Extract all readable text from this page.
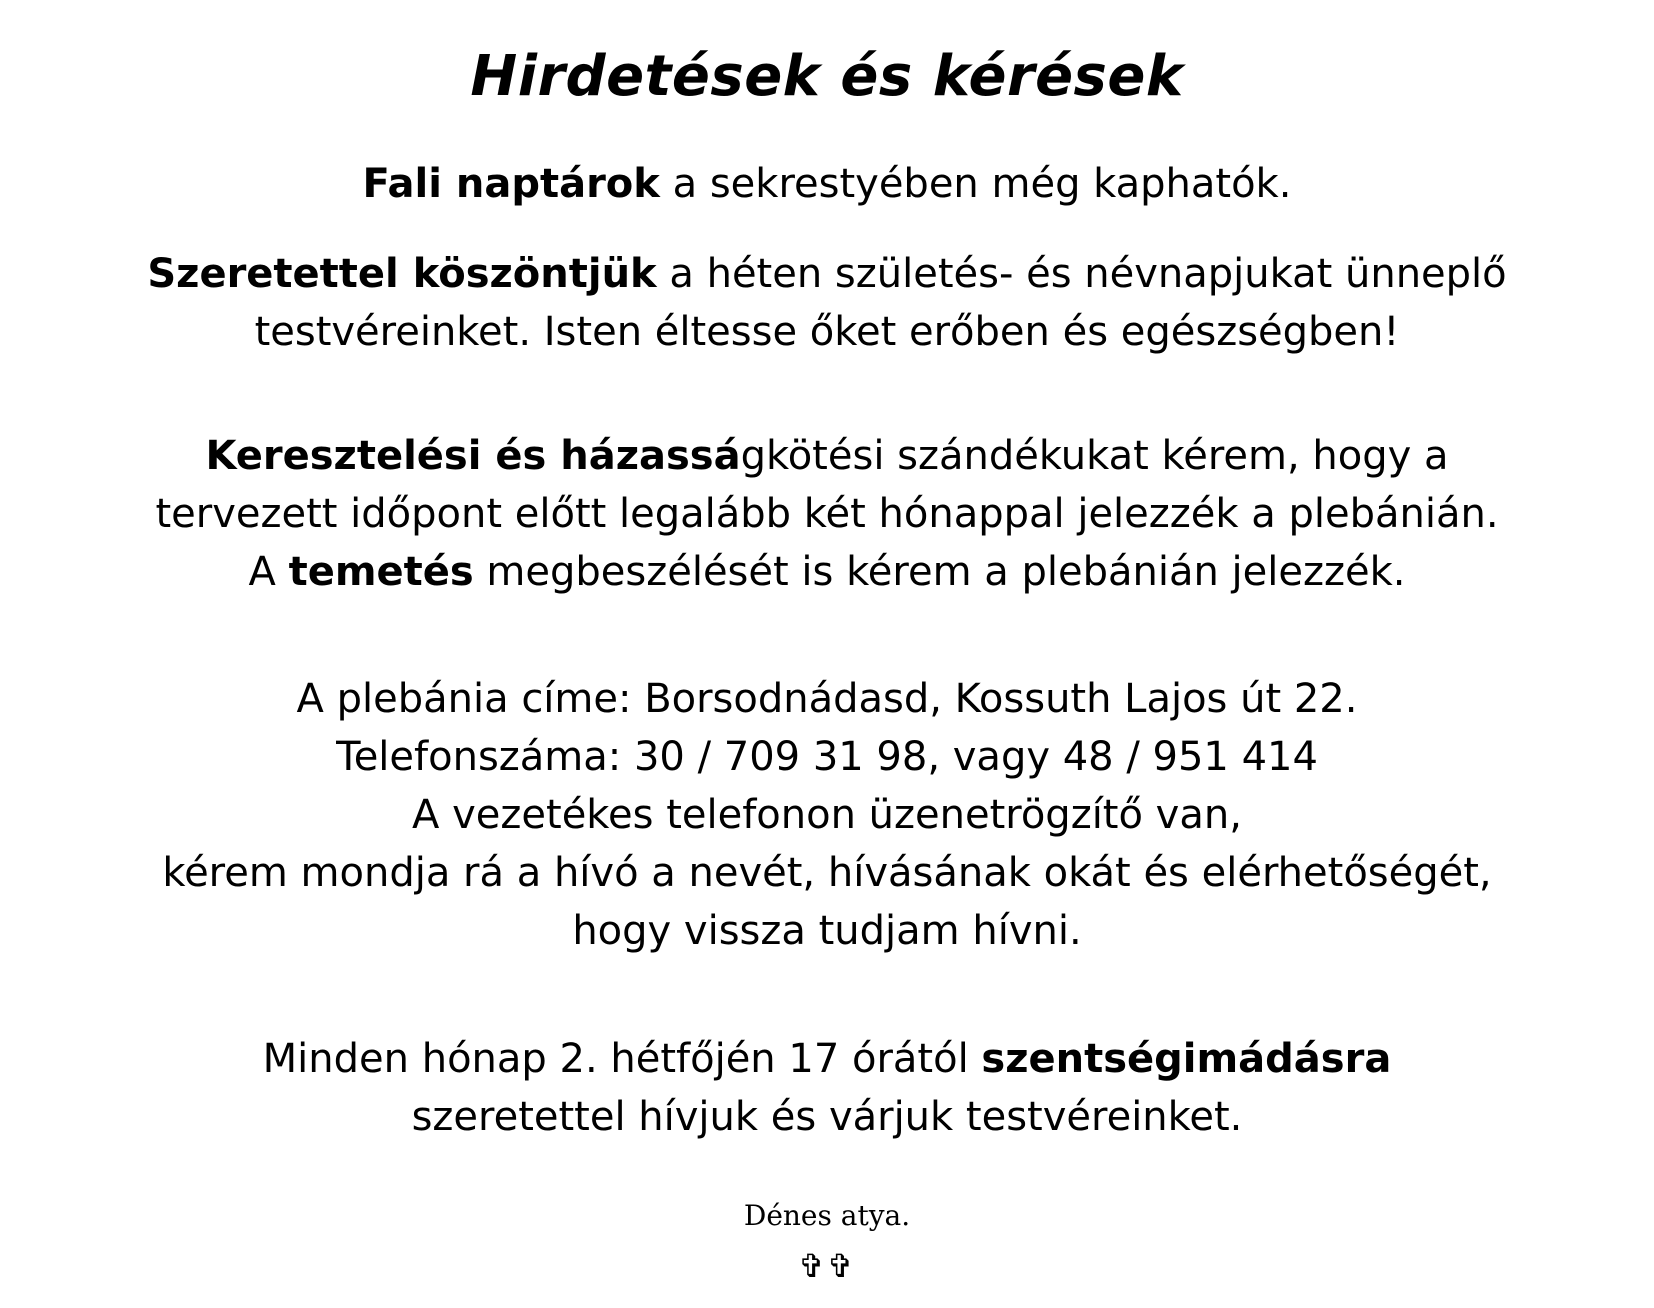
Hirdetések és kérések

Fali naptárok a sekrestyében még kaphatók.

Szeretettel köszöntjük a héten születés- és névnapjukat ünneplő
testvéreinket. Isten éltesse őket erőben és egészségben!

Keresztelési és házasságkötési szándékukat kérem, hogy a
tervezett időpont előtt legalább két hónappal jelezzék a plebánián.
A temetés megbeszélését is kérem a plebánián jelezzék.

A plebánia címe: Borsodnádasd, Kossuth Lajos út 22.
Telefonszáma: 30 / 709 31 98, vagy 48 / 951 414
A vezetékes telefonon üzenetrögzítő van,
kérem mondja rá a hívó a nevét, hívásának okát és elérhetőségét,
hogy vissza tudjam hívni.

Minden hónap 2. hétfőjén 17 órától szentségimádásra
szeretettel hívjuk és várjuk testvéreinket.

Dénes atya.

✞✞
